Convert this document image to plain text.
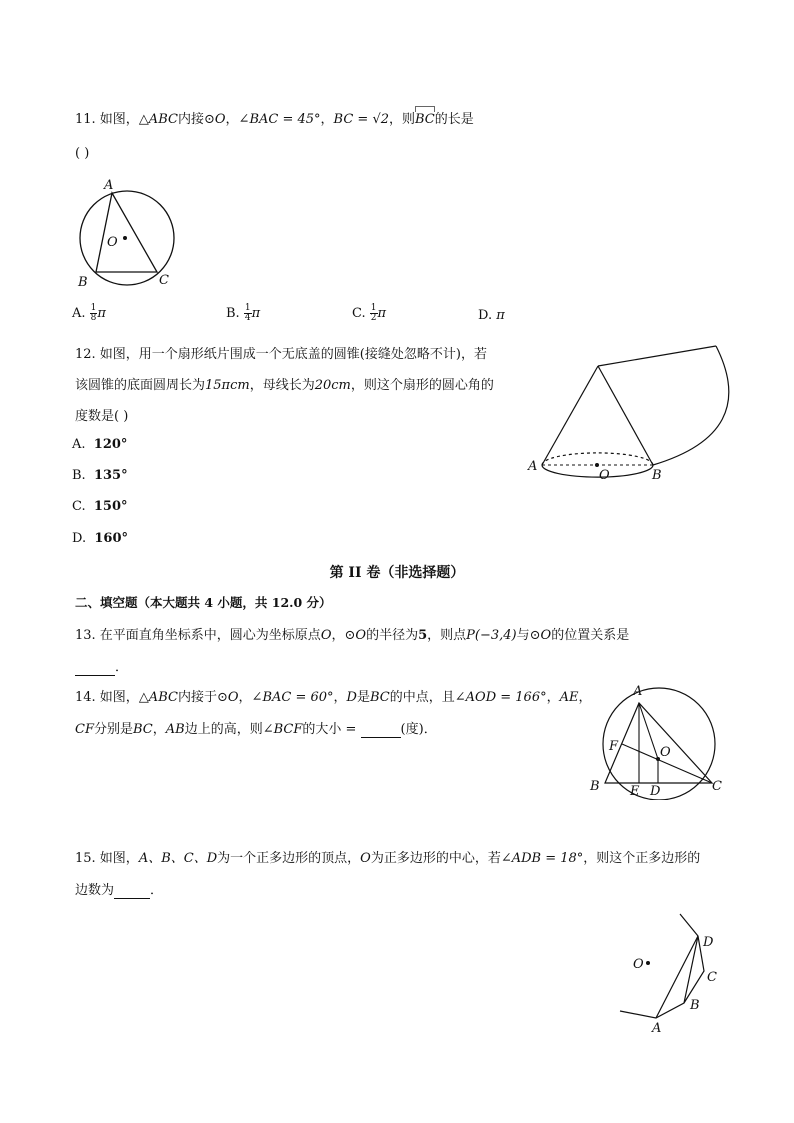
11. 如图，△ABC内接⊙O，∠BAC = 45°，BC = √2，则BC的长是
( )
A
O
B	C
A. $\frac{1}{8}$ π	B. $\frac{1}{4}$ π	C. $\frac{1}{2}$ π	D. π
12. 如图，用一个扇形纸片围成一个无底盖的圆锥(接缝处忽略不计)，若
该圆锥的底面圆周长为15πcm，母线长为20cm，则这个扇形的圆心角的
度数是( )
A. 120°
B. 135°
C. 150°
D. 160°
A
O	B
第 II 卷（非选择题）
二、填空题（本大题共 4 小题，共 12.0 分）
13. 在平面直角坐标系中，圆心为坐标原点O，⊙O的半径为5，则点P(−3,4)与⊙O的位置关系是
．
14. 如图，△ABC内接于⊙O，∠BAC = 60°，D是BC的中点，且∠AOD = 166°，AE，
CF分别是BC，AB边上的高，则∠BCF的大小 =	(度)．
A
F	O
B E D	C
15. 如图，A、B、C、D为一个正多边形的顶点，O为正多边形的中心，若∠ADB = 18°，则这个正多边形的
边数为	．
O
D
C
B
A
